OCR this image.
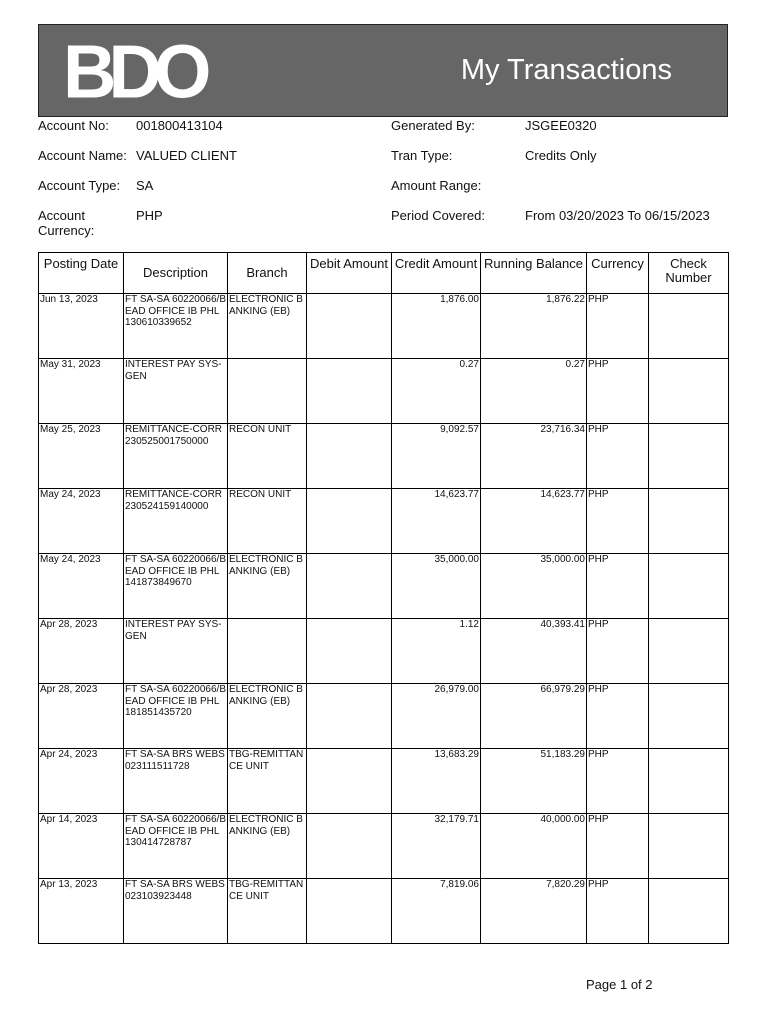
BDO	My Transactions
Account No: 001800413104
Account Name: VALUED CLIENT
Account Type: SA
Account
Currency:
PHP
Generated By:	JSGEE0320
Tran Type:	Credits Only
Amount Range:
Period Covered:	From 03/20/2023 To 06/15/2023
Posting Date	Description	Branch	Debit Amount	Credit Amount	Running Balance	Currency	Check
Number
Jun 13, 2023	FT SA-SA 60220066/B EAD OFFICE IB PHL 130610339652	ELECTRONIC BANKING (EB)		1,876.00	1,876.22	PHP	
May 31, 2023	INTEREST PAY SYS-GEN			0.27	0.27	PHP	
May 25, 2023	REMITTANCE-CORR230525001750000	RECON UNIT		9,092.57	23,716.34	PHP	
May 24, 2023	REMITTANCE-CORR230524159140000	RECON UNIT		14,623.77	14,623.77	PHP	
May 24, 2023	FT SA-SA 60220066/B EAD OFFICE IB PHL 141873849670	ELECTRONIC BANKING (EB)		35,000.00	35,000.00	PHP	
Apr 28, 2023	INTEREST PAY SYS-GEN			1.12	40,393.41	PHP	
Apr 28, 2023	FT SA-SA 60220066/B EAD OFFICE IB PHL 181851435720	ELECTRONIC BANKING (EB)		26,979.00	66,979.29	PHP	
Apr 24, 2023	FT SA-SA BRS WEBS 023111511728	TBG-REMITTANCE UNIT		13,683.29	51,183.29	PHP	
Apr 14, 2023	FT SA-SA 60220066/B EAD OFFICE IB PHL 130414728787	ELECTRONIC BANKING (EB)		32,179.71	40,000.00	PHP	
Apr 13, 2023	FT SA-SA BRS WEBS 023103923448	TBG-REMITTANCE UNIT		7,819.06	7,820.29	PHP	
Page 1 of 2
